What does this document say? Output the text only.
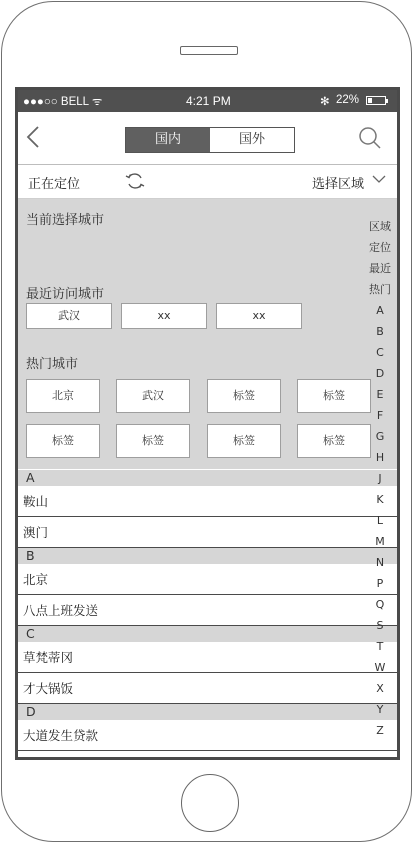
●●●○○ BELL ᯤ	4:21 PM	✻ 22%
国内	国外
正在定位	选择区域
当前选择城市
最近访问城市
武汉	xx	xx
热门城市
北京	武汉	标签	标签
标签	标签	标签	标签
A
鞍山
澳门
B
北京
八点上班发送
C
草梵蒂冈
才大锅饭
D
大道发生贷款
区域
定位
最近
热门
A
B
C
D
E
F
G
H
J
K
L
M
N
P
Q
S
T
W
X
Y
Z
